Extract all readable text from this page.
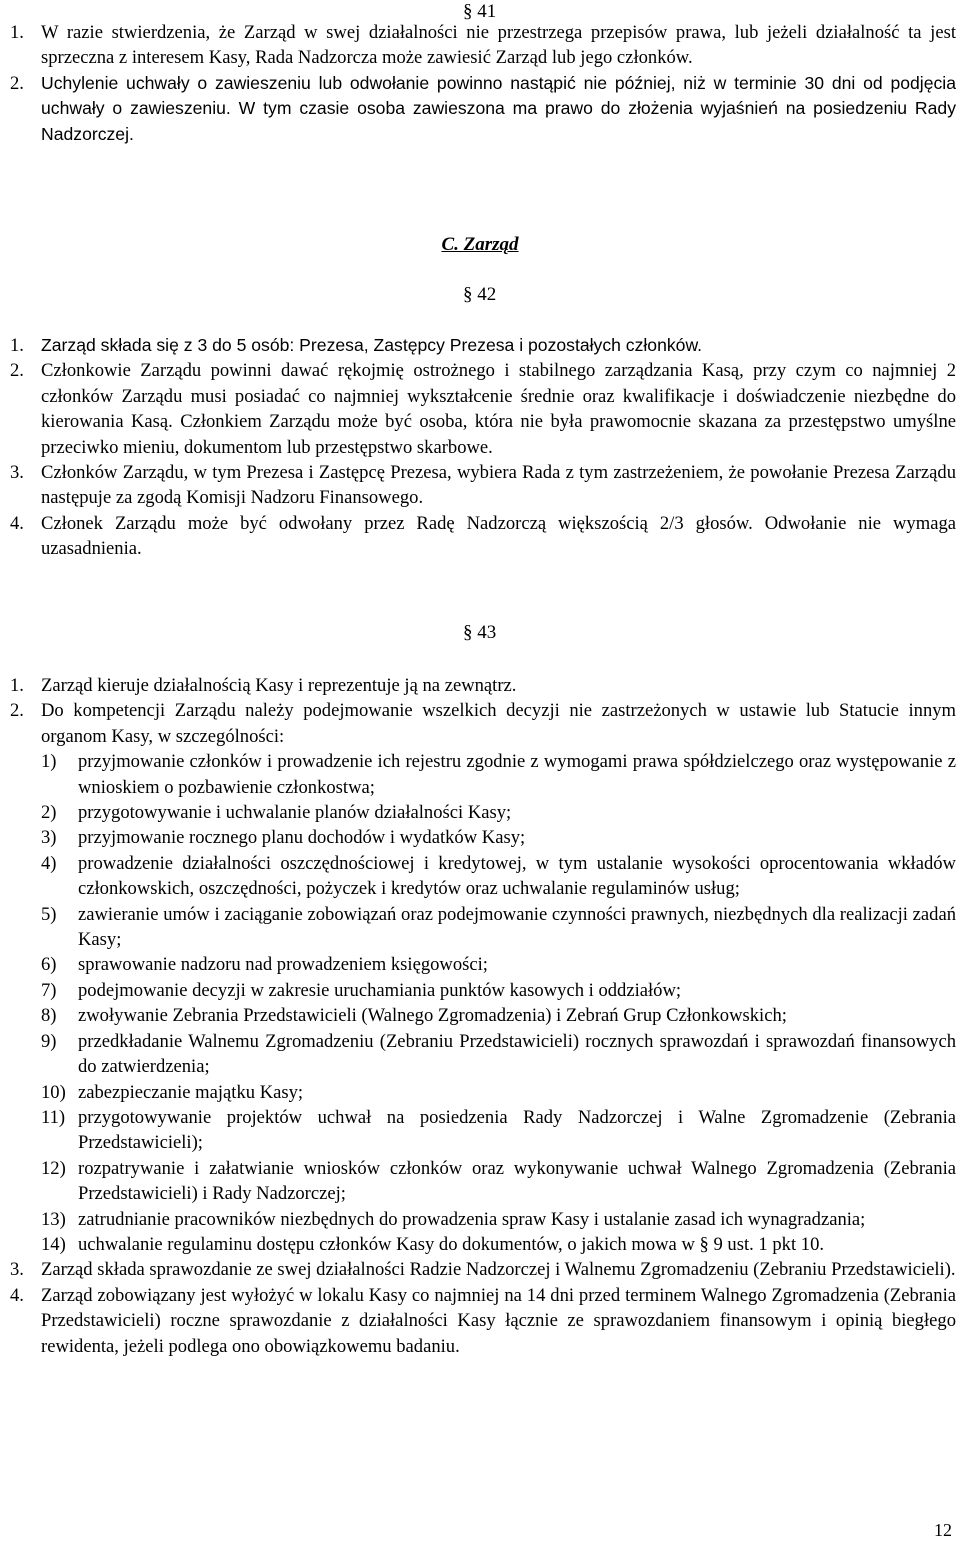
§ 41
1. W razie stwierdzenia, że Zarząd w swej działalności nie przestrzega przepisów prawa, lub jeżeli działalność ta jest sprzeczna z interesem Kasy, Rada Nadzorcza może zawiesić Zarząd lub jego członków.
2. Uchylenie uchwały o zawieszeniu lub odwołanie powinno nastąpić nie później, niż w terminie 30 dni od podjęcia uchwały o zawieszeniu. W tym czasie osoba zawieszona ma prawo do złożenia wyjaśnień na posiedzeniu Rady Nadzorczej.
C. Zarząd
§ 42
1. Zarząd składa się z 3 do 5 osób: Prezesa, Zastępcy Prezesa i pozostałych członków.
2. Członkowie Zarządu powinni dawać rękojmię ostrożnego i stabilnego zarządzania Kasą, przy czym co najmniej 2 członków Zarządu musi posiadać co najmniej wykształcenie średnie oraz kwalifikacje i doświadczenie niezbędne do kierowania Kasą. Członkiem Zarządu może być osoba, która nie była prawomocnie skazana za przestępstwo umyślne przeciwko mieniu, dokumentom lub przestępstwo skarbowe.
3. Członków Zarządu, w tym Prezesa i Zastępcę Prezesa, wybiera Rada z tym zastrzeżeniem, że powołanie Prezesa Zarządu następuje za zgodą Komisji Nadzoru Finansowego.
4. Członek Zarządu może być odwołany przez Radę Nadzorczą większością 2/3 głosów. Odwołanie nie wymaga uzasadnienia.
§ 43
1. Zarząd kieruje działalnością Kasy i reprezentuje ją na zewnątrz.
2. Do kompetencji Zarządu należy podejmowanie wszelkich decyzji nie zastrzeżonych w ustawie lub Statucie innym organom Kasy, w szczególności:
1) przyjmowanie członków i prowadzenie ich rejestru zgodnie z wymogami prawa spółdzielczego oraz występowanie z wnioskiem o pozbawienie członkostwa;
2) przygotowywanie i uchwalanie planów działalności Kasy;
3) przyjmowanie rocznego planu dochodów i wydatków Kasy;
4) prowadzenie działalności oszczędnościowej i kredytowej, w tym ustalanie wysokości oprocentowania wkładów członkowskich, oszczędności, pożyczek i kredytów oraz uchwalanie regulaminów usług;
5) zawieranie umów i zaciąganie zobowiązań oraz podejmowanie czynności prawnych, niezbędnych dla realizacji zadań Kasy;
6) sprawowanie nadzoru nad prowadzeniem księgowości;
7) podejmowanie decyzji w zakresie uruchamiania punktów kasowych i oddziałów;
8) zwoływanie Zebrania Przedstawicieli (Walnego Zgromadzenia) i Zebrań Grup Członkowskich;
9) przedkładanie Walnemu Zgromadzeniu (Zebraniu Przedstawicieli) rocznych sprawozdań i sprawozdań finansowych do zatwierdzenia;
10) zabezpieczanie majątku Kasy;
11) przygotowywanie projektów uchwał na posiedzenia Rady Nadzorczej i Walne Zgromadzenie (Zebrania Przedstawicieli);
12) rozpatrywanie i załatwianie wniosków członków oraz wykonywanie uchwał Walnego Zgromadzenia (Zebrania Przedstawicieli) i Rady Nadzorczej;
13) zatrudnianie pracowników niezbędnych do prowadzenia spraw Kasy i ustalanie zasad ich wynagradzania;
14) uchwalanie regulaminu dostępu członków Kasy do dokumentów, o jakich mowa w § 9 ust. 1 pkt 10.
3. Zarząd składa sprawozdanie ze swej działalności Radzie Nadzorczej i Walnemu Zgromadzeniu (Zebraniu Przedstawicieli).
4. Zarząd zobowiązany jest wyłożyć w lokalu Kasy co najmniej na 14 dni przed terminem Walnego Zgromadzenia (Zebrania Przedstawicieli) roczne sprawozdanie z działalności Kasy łącznie ze sprawozdaniem finansowym i opinią biegłego rewidenta, jeżeli podlega ono obowiązkowemu badaniu.
12
